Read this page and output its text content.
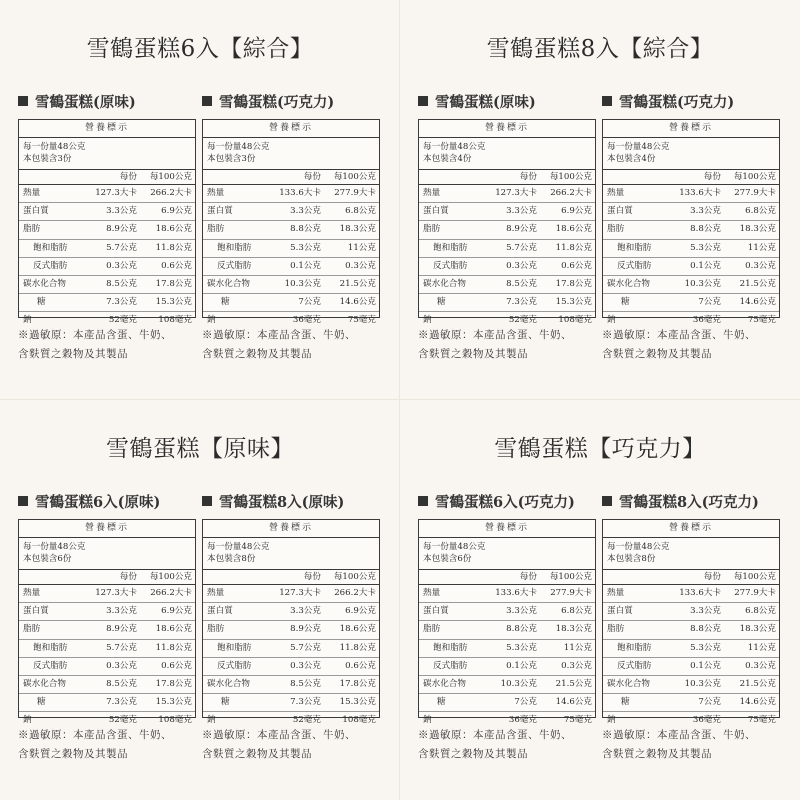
雪鶴蛋糕6入【綜合】
雪鶴蛋糕(原味)
營養標示
每一份量48公克
本包裝含3份
每份	每100公克
熱量	127.3大卡	266.2大卡
蛋白質	3.3公克	6.9公克
脂肪	8.9公克	18.6公克
飽和脂肪	5.7公克	11.8公克
反式脂肪	0.3公克	0.6公克
碳水化合物	8.5公克	17.8公克
糖	7.3公克	15.3公克
鈉	52毫克	108毫克
※過敏原：本產品含蛋、牛奶、
含麩質之穀物及其製品
雪鶴蛋糕(巧克力)
營養標示
每一份量48公克
本包裝含3份
每份	每100公克
熱量	133.6大卡	277.9大卡
蛋白質	3.3公克	6.8公克
脂肪	8.8公克	18.3公克
飽和脂肪	5.3公克	11公克
反式脂肪	0.1公克	0.3公克
碳水化合物	10.3公克	21.5公克
糖	7公克	14.6公克
鈉	36毫克	75毫克
※過敏原：本產品含蛋、牛奶、
含麩質之穀物及其製品
雪鶴蛋糕8入【綜合】
雪鶴蛋糕(原味)
營養標示
每一份量48公克
本包裝含4份
每份	每100公克
熱量	127.3大卡	266.2大卡
蛋白質	3.3公克	6.9公克
脂肪	8.9公克	18.6公克
飽和脂肪	5.7公克	11.8公克
反式脂肪	0.3公克	0.6公克
碳水化合物	8.5公克	17.8公克
糖	7.3公克	15.3公克
鈉	52毫克	108毫克
※過敏原：本產品含蛋、牛奶、
含麩質之穀物及其製品
雪鶴蛋糕(巧克力)
營養標示
每一份量48公克
本包裝含4份
每份	每100公克
熱量	133.6大卡	277.9大卡
蛋白質	3.3公克	6.8公克
脂肪	8.8公克	18.3公克
飽和脂肪	5.3公克	11公克
反式脂肪	0.1公克	0.3公克
碳水化合物	10.3公克	21.5公克
糖	7公克	14.6公克
鈉	36毫克	75毫克
※過敏原：本產品含蛋、牛奶、
含麩質之穀物及其製品
雪鶴蛋糕【原味】
雪鶴蛋糕6入(原味)
營養標示
每一份量48公克
本包裝含6份
每份	每100公克
熱量	127.3大卡	266.2大卡
蛋白質	3.3公克	6.9公克
脂肪	8.9公克	18.6公克
飽和脂肪	5.7公克	11.8公克
反式脂肪	0.3公克	0.6公克
碳水化合物	8.5公克	17.8公克
糖	7.3公克	15.3公克
鈉	52毫克	108毫克
※過敏原：本產品含蛋、牛奶、
含麩質之穀物及其製品
雪鶴蛋糕8入(原味)
營養標示
每一份量48公克
本包裝含8份
每份	每100公克
熱量	127.3大卡	266.2大卡
蛋白質	3.3公克	6.9公克
脂肪	8.9公克	18.6公克
飽和脂肪	5.7公克	11.8公克
反式脂肪	0.3公克	0.6公克
碳水化合物	8.5公克	17.8公克
糖	7.3公克	15.3公克
鈉	52毫克	108毫克
※過敏原：本產品含蛋、牛奶、
含麩質之穀物及其製品
雪鶴蛋糕【巧克力】
雪鶴蛋糕6入(巧克力)
營養標示
每一份量48公克
本包裝含6份
每份	每100公克
熱量	133.6大卡	277.9大卡
蛋白質	3.3公克	6.8公克
脂肪	8.8公克	18.3公克
飽和脂肪	5.3公克	11公克
反式脂肪	0.1公克	0.3公克
碳水化合物	10.3公克	21.5公克
糖	7公克	14.6公克
鈉	36毫克	75毫克
※過敏原：本產品含蛋、牛奶、
含麩質之穀物及其製品
雪鶴蛋糕8入(巧克力)
營養標示
每一份量48公克
本包裝含8份
每份	每100公克
熱量	133.6大卡	277.9大卡
蛋白質	3.3公克	6.8公克
脂肪	8.8公克	18.3公克
飽和脂肪	5.3公克	11公克
反式脂肪	0.1公克	0.3公克
碳水化合物	10.3公克	21.5公克
糖	7公克	14.6公克
鈉	36毫克	75毫克
※過敏原：本產品含蛋、牛奶、
含麩質之穀物及其製品
